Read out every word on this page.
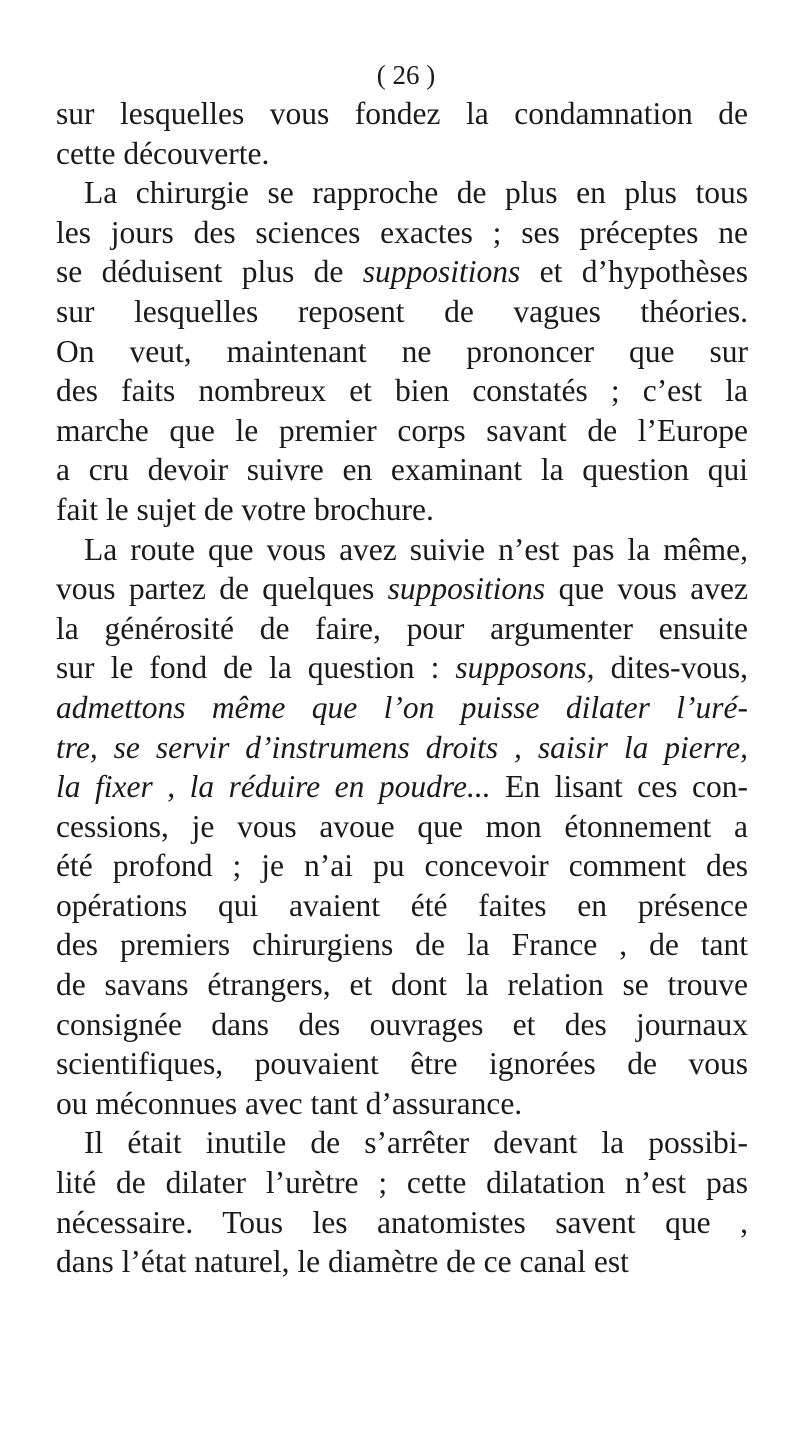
( 26 )
sur lesquelles vous fondez la condamnation de
cette découverte.
La chirurgie se rapproche de plus en plus tous
les jours des sciences exactes ; ses préceptes ne
se déduisent plus de suppositions et d’hypothèses
sur lesquelles reposent de vagues théories.
On veut, maintenant ne prononcer que sur
des faits nombreux et bien constatés ; c’est la
marche que le premier corps savant de l’Europe
a cru devoir suivre en examinant la question qui
fait le sujet de votre brochure.
La route que vous avez suivie n’est pas la même,
vous partez de quelques suppositions que vous avez
la générosité de faire, pour argumenter ensuite
sur le fond de la question : supposons, dites-vous,
admettons même que l’on puisse dilater l’uré-
tre, se servir d’instrumens droits , saisir la pierre,
la fixer , la réduire en poudre... En lisant ces con-
cessions, je vous avoue que mon étonnement a
été profond ; je n’ai pu concevoir comment des
opérations qui avaient été faites en présence
des premiers chirurgiens de la France , de tant
de savans étrangers, et dont la relation se trouve
consignée dans des ouvrages et des journaux
scientifiques, pouvaient être ignorées de vous
ou méconnues avec tant d’assurance.
Il était inutile de s’arrêter devant la possibi-
lité de dilater l’urètre ; cette dilatation n’est pas
nécessaire. Tous les anatomistes savent que ,
dans l’état naturel, le diamètre de ce canal est
